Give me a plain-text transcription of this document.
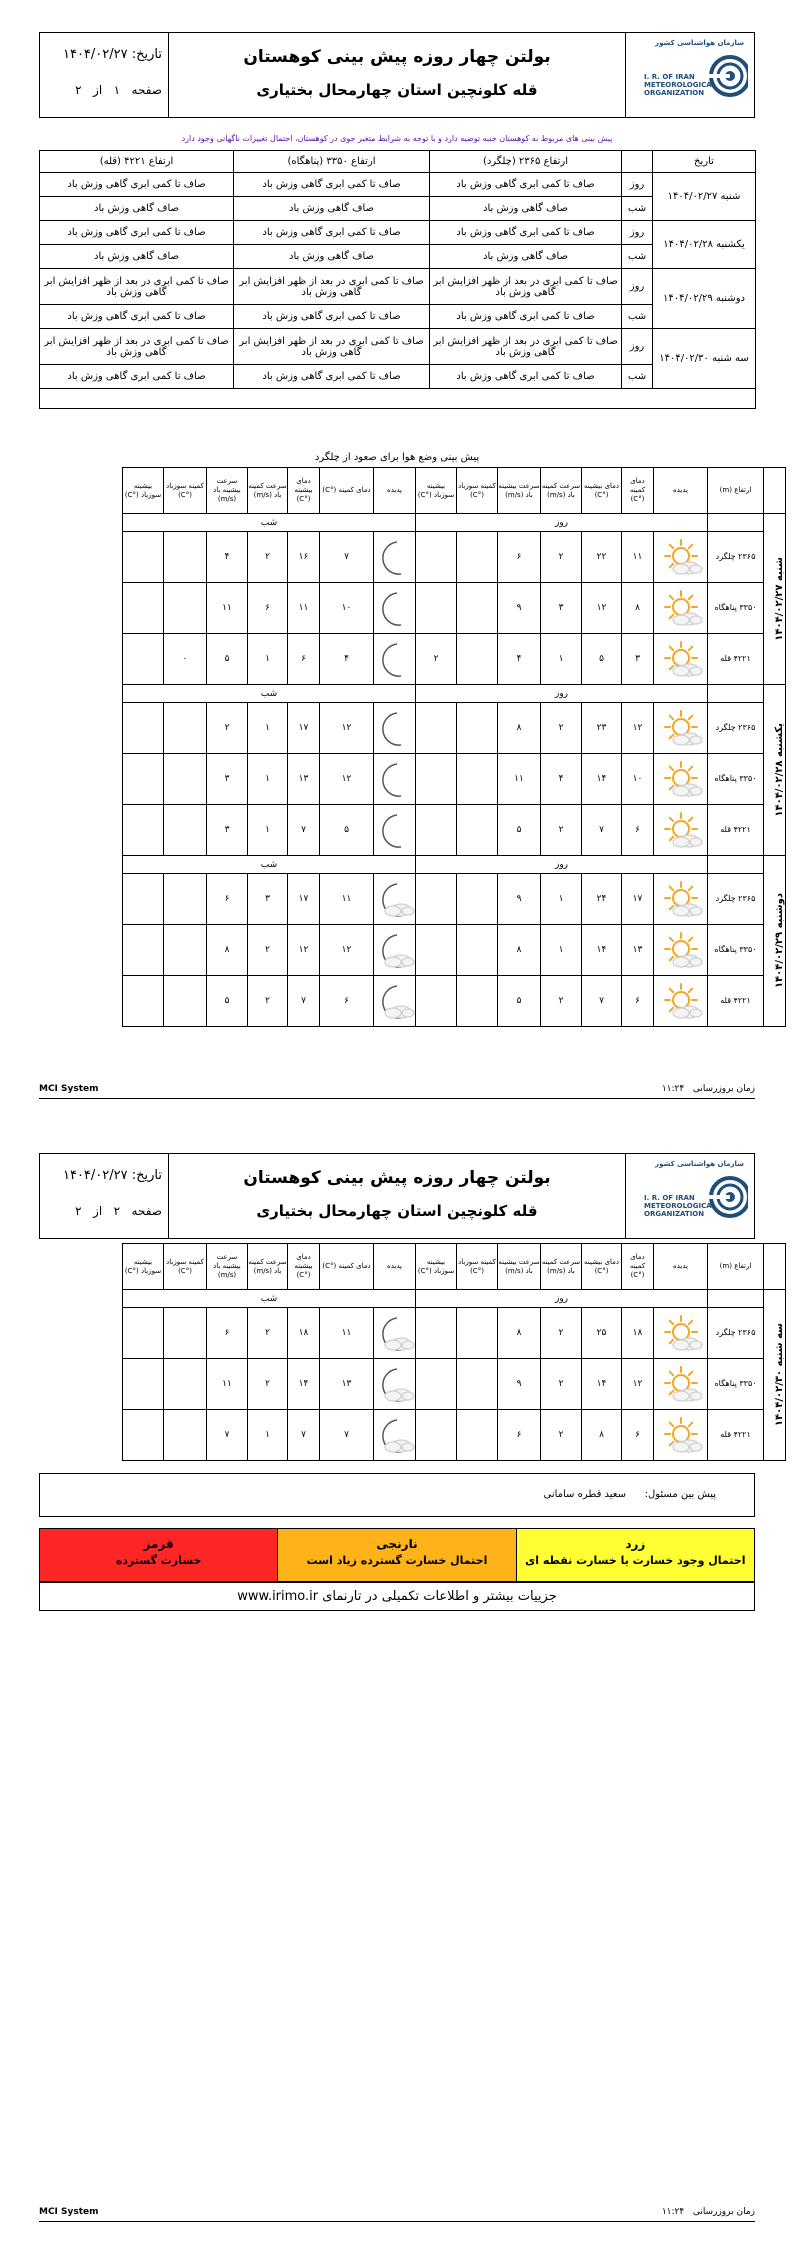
سازمان هواشناسی کشور
I. R. OF IRAN
METEOROLOGICAL
ORGANIZATION
بولتن چهار روزه پیش بینی کوهستان
قله کلونچین استان چهارمحال بختیاری
تاریخ: ۱۴۰۴/۰۲/۲۷
صفحه   ۱   از   ۲
پیش بینی های مربوط به کوهستان جنبه توصیه دارد و با توجه به شرایط متغیر جوی در کوهستان، احتمال تغییرات ناگهانی وجود دارد
تاریخ		ارتفاع ۲۳۶۵ (چلگرد)	ارتفاع ۳۳۵۰ (پناهگاه)	ارتفاع ۴۲۲۱ (قله)
شنبه ۱۴۰۴/۰۲/۲۷	روز	صاف تا کمی ابری گاهی وزش باد	صاف تا کمی ابری گاهی وزش باد	صاف تا کمی ابری گاهی وزش باد
	شب	صاف گاهی وزش باد	صاف گاهی وزش باد	صاف گاهی وزش باد
یکشنبه ۱۴۰۴/۰۲/۲۸	روز	صاف تا کمی ابری گاهی وزش باد	صاف تا کمی ابری گاهی وزش باد	صاف تا کمی ابری گاهی وزش باد
	شب	صاف گاهی وزش باد	صاف گاهی وزش باد	صاف گاهی وزش باد
دوشنبه ۱۴۰۴/۰۲/۲۹	روز	صاف تا کمی ابری در بعد از ظهر افزایش ابر گاهی وزش باد	صاف تا کمی ابری در بعد از ظهر افزایش ابر گاهی وزش باد	صاف تا کمی ابری در بعد از ظهر افزایش ابر گاهی وزش باد
	شب	صاف تا کمی ابری گاهی وزش باد	صاف تا کمی ابری گاهی وزش باد	صاف تا کمی ابری گاهی وزش باد
سه شنبه ۱۴۰۴/۰۲/۳۰	روز	صاف تا کمی ابری در بعد از ظهر افزایش ابر گاهی وزش باد	صاف تا کمی ابری در بعد از ظهر افزایش ابر گاهی وزش باد	صاف تا کمی ابری در بعد از ظهر افزایش ابر گاهی وزش باد
	شب	صاف تا کمی ابری گاهی وزش باد	صاف تا کمی ابری گاهی وزش باد	صاف تا کمی ابری گاهی وزش باد

پیش بینی وضع هوا برای صعود از چلگرد
	ارتفاع (m)	پدیده	دمای کمینه (°C)	دمای بیشینه (°C)	سرعت کمینه باد (m/s)	سرعت بیشینه باد (m/s)	کمینه سوزباد (°C)	بیشینه سوزباد (°C)	پدیده	دمای کمینه (°C)	دمای بیشینه (°C)	سرعت کمینه باد (m/s)	سرعت بیشینه باد (m/s)	کمینه سوزباد (°C)	بیشینه سوزباد (°C)

شنبه ۱۴۰۴/۰۲/۲۷		روز							شب						
	۲۳۶۵ چلگرد		۱۱	۲۲	۲	۶				۷	۱۶	۲	۴		
	۳۳۵۰ پناهگاه		۸	۱۲	۳	۹				۱۰	۱۱	۶	۱۱		
	۴۲۲۱ قله		۳	۵	۱	۴		۲		۴	۶	۱	۵	۰	

یکشنبه ۱۴۰۴/۰۲/۲۸		روز							شب						
	۲۳۶۵ چلگرد		۱۲	۲۳	۲	۸				۱۲	۱۷	۱	۲		
	۳۳۵۰ پناهگاه		۱۰	۱۴	۴	۱۱				۱۲	۱۳	۱	۳		
	۴۲۲۱ قله		۶	۷	۲	۵				۵	۷	۱	۳		

دوشنبه ۱۴۰۴/۰۲/۲۹		روز							شب						
	۲۳۶۵ چلگرد		۱۷	۲۴	۱	۹				۱۱	۱۷	۳	۶		
	۳۳۵۰ پناهگاه		۱۳	۱۴	۱	۸				۱۲	۱۲	۲	۸		
	۴۲۲۱ قله		۶	۷	۲	۵				۶	۷	۲	۵		
MCI System	زمان بروزرسانی   ۱۱:۲۴
سازمان هواشناسی کشور
I. R. OF IRAN
METEOROLOGICAL
ORGANIZATION
بولتن چهار روزه پیش بینی کوهستان
قله کلونچین استان چهارمحال بختیاری
تاریخ: ۱۴۰۴/۰۲/۲۷
صفحه   ۲   از   ۲
	ارتفاع (m)	پدیده	دمای کمینه (°C)	دمای بیشینه (°C)	سرعت کمینه باد (m/s)	سرعت بیشینه باد (m/s)	کمینه سوزباد (°C)	بیشینه سوزباد (°C)	پدیده	دمای کمینه (°C)	دمای بیشینه (°C)	سرعت کمینه باد (m/s)	سرعت بیشینه باد (m/s)	کمینه سوزباد (°C)	بیشینه سوزباد (°C)

سه شنبه ۱۴۰۴/۰۲/۳۰		روز							شب						
	۲۳۶۵ چلگرد		۱۸	۲۵	۲	۸				۱۱	۱۸	۲	۶		
	۳۳۵۰ پناهگاه		۱۲	۱۴	۲	۹				۱۳	۱۴	۲	۱۱		
	۴۲۲۱ قله		۶	۸	۲	۶				۷	۷	۱	۷		
پیش بین مسئول:
سعید قطره سامانی
زرد
احتمال وجود خسارت یا خسارت نقطه ای
نارنجی
احتمال خسارت گسترده زیاد است
قرمز
خسارت گسترده
جزییات بیشتر و اطلاعات تکمیلی در تارنمای www.irimo.ir
MCI System	زمان بروزرسانی   ۱۱:۲۴
